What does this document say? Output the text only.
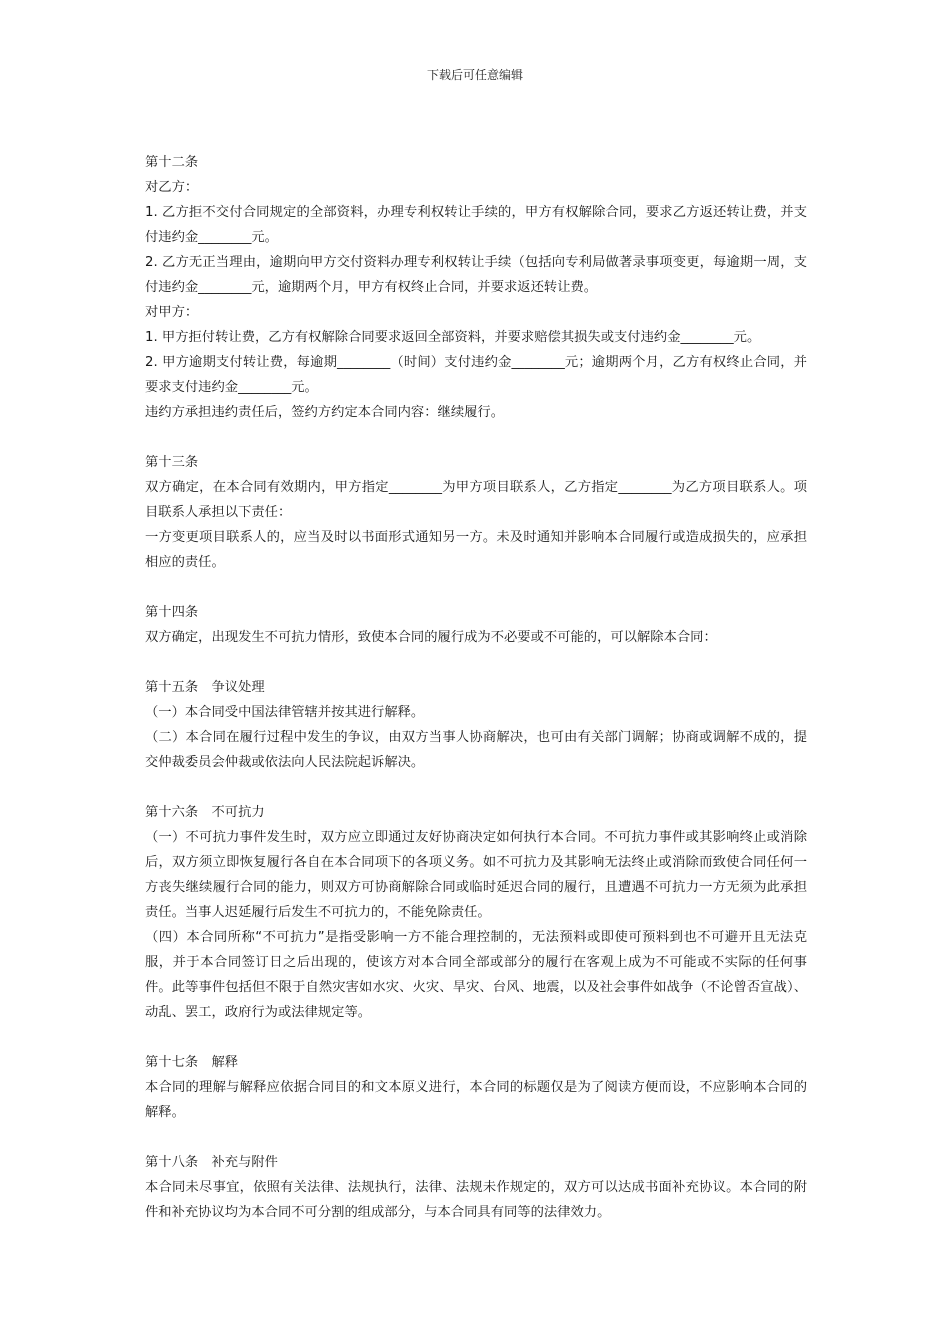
下载后可任意编辑

第十二条

对乙方：

1. 乙方拒不交付合同规定的全部资料，办理专利权转让手续的，甲方有权解除合同，要求乙方返还转让费，并支付违约金________元。

2. 乙方无正当理由，逾期向甲方交付资料办理专利权转让手续（包括向专利局做著录事项变更，每逾期一周，支付违约金________元，逾期两个月，甲方有权终止合同，并要求返还转让费。

对甲方：

1. 甲方拒付转让费，乙方有权解除合同要求返回全部资料，并要求赔偿其损失或支付违约金________元。

2. 甲方逾期支付转让费，每逾期________（时间）支付违约金________元；逾期两个月，乙方有权终止合同，并要求支付违约金________元。

违约方承担违约责任后，签约方约定本合同内容：继续履行。

第十三条

双方确定，在本合同有效期内，甲方指定________为甲方项目联系人，乙方指定________为乙方项目联系人。项目联系人承担以下责任：

一方变更项目联系人的，应当及时以书面形式通知另一方。未及时通知并影响本合同履行或造成损失的，应承担相应的责任。

第十四条

双方确定，出现发生不可抗力情形，致使本合同的履行成为不必要或不可能的，可以解除本合同：

第十五条　争议处理

（一）本合同受中国法律管辖并按其进行解释。

（二）本合同在履行过程中发生的争议，由双方当事人协商解决，也可由有关部门调解；协商或调解不成的，提交仲裁委员会仲裁或依法向人民法院起诉解决。

第十六条　不可抗力

（一）不可抗力事件发生时，双方应立即通过友好协商决定如何执行本合同。不可抗力事件或其影响终止或消除后，双方须立即恢复履行各自在本合同项下的各项义务。如不可抗力及其影响无法终止或消除而致使合同任何一方丧失继续履行合同的能力，则双方可协商解除合同或临时延迟合同的履行，且遭遇不可抗力一方无须为此承担责任。当事人迟延履行后发生不可抗力的，不能免除责任。

（四）本合同所称“不可抗力”是指受影响一方不能合理控制的，无法预料或即使可预料到也不可避开且无法克服，并于本合同签订日之后出现的，使该方对本合同全部或部分的履行在客观上成为不可能或不实际的任何事件。此等事件包括但不限于自然灾害如水灾、火灾、旱灾、台风、地震，以及社会事件如战争（不论曾否宣战）、动乱、罢工，政府行为或法律规定等。

第十七条　解释

本合同的理解与解释应依据合同目的和文本原义进行，本合同的标题仅是为了阅读方便而设，不应影响本合同的解释。

第十八条　补充与附件

本合同未尽事宜，依照有关法律、法规执行，法律、法规未作规定的，双方可以达成书面补充协议。本合同的附件和补充协议均为本合同不可分割的组成部分，与本合同具有同等的法律效力。
